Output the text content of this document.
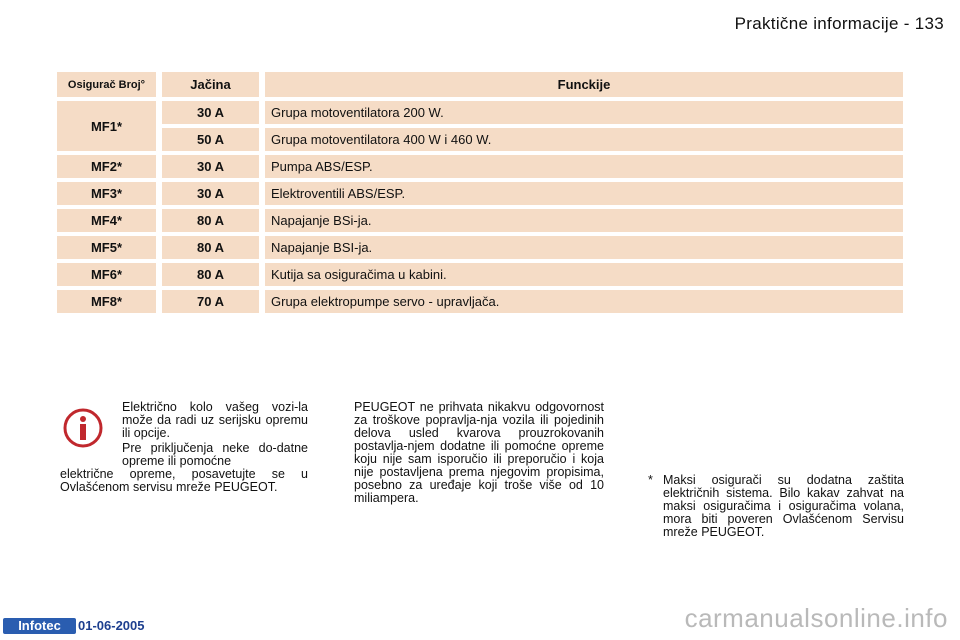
Praktične informacije - 133
Osigurač Broj°		Jačina		Funckije
MF1*		30 A		Grupa motoventilatora 200 W.
		50 A		Grupa motoventilatora 400 W i 460 W.
MF2*		30 A		Pumpa ABS/ESP.
MF3*		30 A		Elektroventili ABS/ESP.
MF4*		80 A		Napajanje BSi-ja.
MF5*		80 A		Napajanje BSI-ja.
MF6*		80 A		Kutija sa osiguračima u kabini.
MF8*		70 A		Grupa elektropumpe servo - upravljača.
Električno kolo vašeg vozi-la može da radi uz serijsku opremu ili opcije.
Pre priključenja neke do-datne opreme ili pomoćne
električne opreme, posavetujte se u Ovlašćenom servisu mreže PEUGEOT.
PEUGEOT ne prihvata nikakvu odgovornost za troškove popravlja-nja vozila ili pojedinih delova usled kvarova prouzrokovanih postavlja-njem dodatne ili pomoćne opreme koju nije sam isporučio ili preporučio i koja nije postavljena prema njegovim propisima, posebno za uređaje koji troše više od 10 miliampera.
* Maksi osigurači su dodatna zaštita električnih sistema. Bilo kakav zahvat na maksi osiguračima i osiguračima volana, mora biti poveren Ovlašćenom Servisu mreže PEUGEOT.
Infotec	01-06-2005	carmanualsonline.info
